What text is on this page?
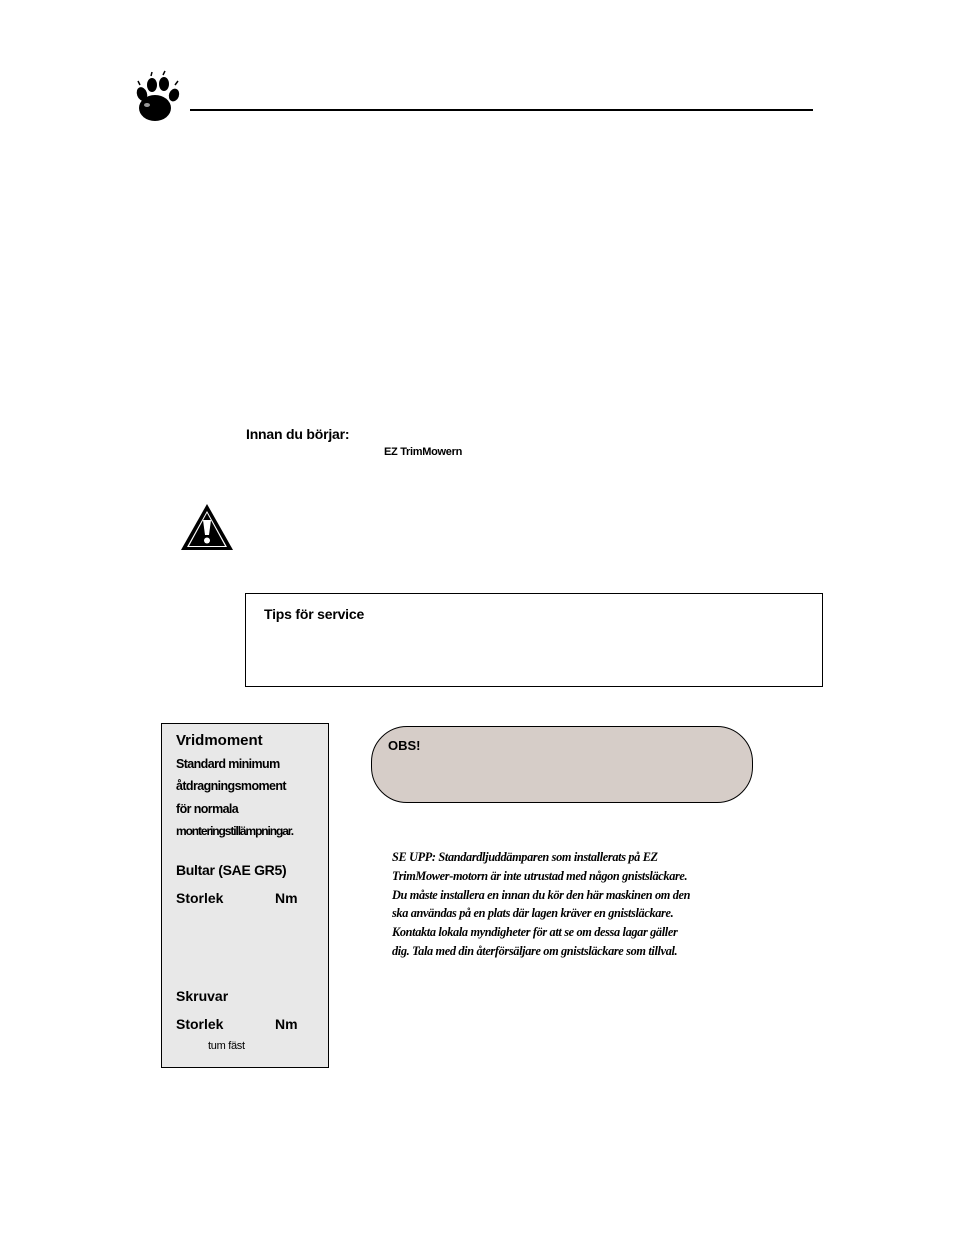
Innan du börjar:
EZ TrimMowern
Tips för service
Vridmoment
Standard minimum
åtdragningsmoment
för normala
monteringstillämpningar.
Bultar (SAE GR5)
Storlek	Nm
Skruvar
Storlek	Nm
tum fäst
OBS!
SE UPP: Standardljuddämparen som installerats på EZ
TrimMower-motorn är inte utrustad med någon gnistsläckare.
Du måste installera en innan du kör den här maskinen om den
ska användas på en plats där lagen kräver en gnistsläckare.
Kontakta lokala myndigheter för att se om dessa lagar gäller
dig. Tala med din återförsäljare om gnistsläckare som tillval.
